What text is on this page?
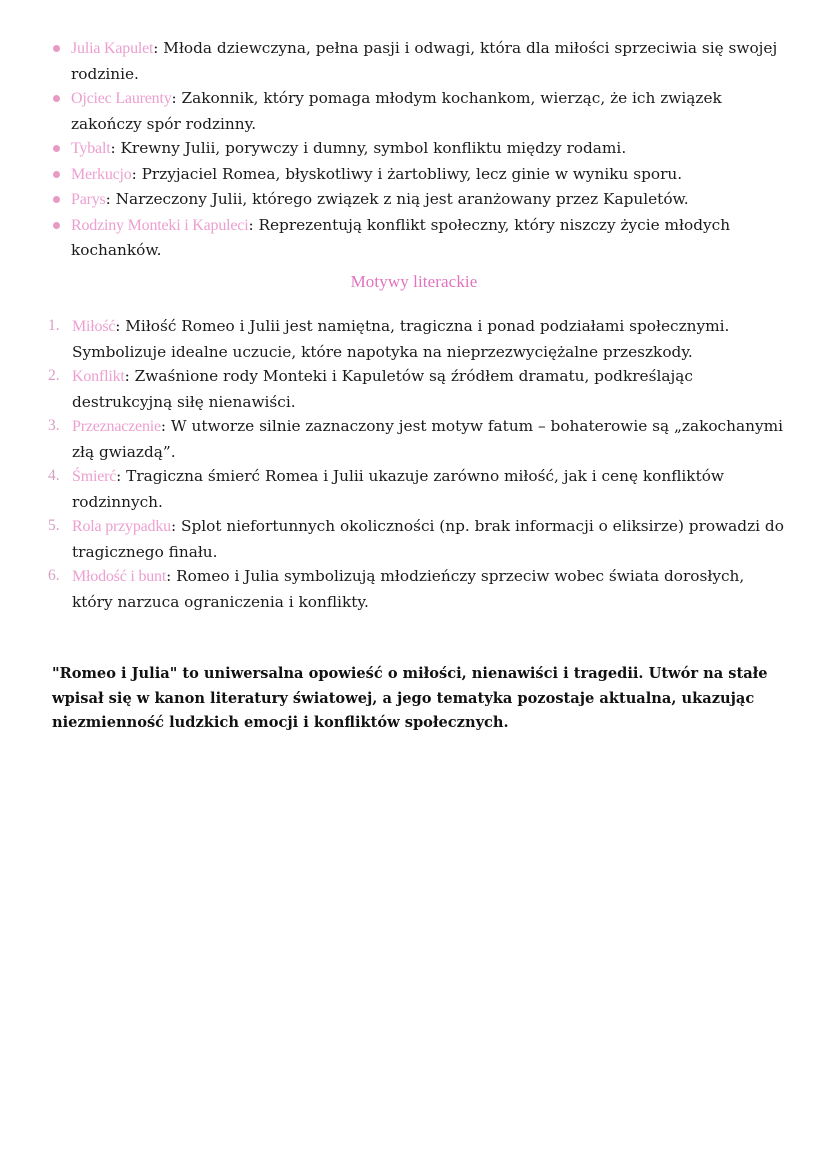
Julia Kapulet: Młoda dziewczyna, pełna pasji i odwagi, która dla miłości sprzeciwia się swojej rodzinie.
Ojciec Laurenty: Zakonnik, który pomaga młodym kochankom, wierząc, że ich związek zakończy spór rodzinny.
Tybalt: Krewny Julii, porywczy i dumny, symbol konfliktu między rodami.
Merkucjo: Przyjaciel Romea, błyskotliwy i żartobliwy, lecz ginie w wyniku sporu.
Parys: Narzeczony Julii, którego związek z nią jest aranżowany przez Kapuletów.
Rodziny Monteki i Kapuleci: Reprezentują konflikt społeczny, który niszczy życie młodych kochanków.
Motywy literackie
1. Miłość: Miłość Romeo i Julii jest namiętna, tragiczna i ponad podziałami społecznymi. Symbolizuje idealne uczucie, które napotyka na nieprzezwyciężalne przeszkody.
2. Konflikt: Zwaśnione rody Monteki i Kapuletów są źródłem dramatu, podkreślając destrukcyjną siłę nienawiści.
3. Przeznaczenie: W utworze silnie zaznaczony jest motyw fatum – bohaterowie są „zakochanymi złą gwiazdą”.
4. Śmierć: Tragiczna śmierć Romea i Julii ukazuje zarówno miłość, jak i cenę konfliktów rodzinnych.
5. Rola przypadku: Splot niefortunnych okoliczności (np. brak informacji o eliksirze) prowadzi do tragicznego finału.
6. Młodość i bunt: Romeo i Julia symbolizują młodzieńczy sprzeciw wobec świata dorosłych, który narzuca ograniczenia i konflikty.

"Romeo i Julia" to uniwersalna opowieść o miłości, nienawiści i tragedii. Utwór na stałe wpisał się w kanon literatury światowej, a jego tematyka pozostaje aktualna, ukazując niezmienność ludzkich emocji i konfliktów społecznych.
